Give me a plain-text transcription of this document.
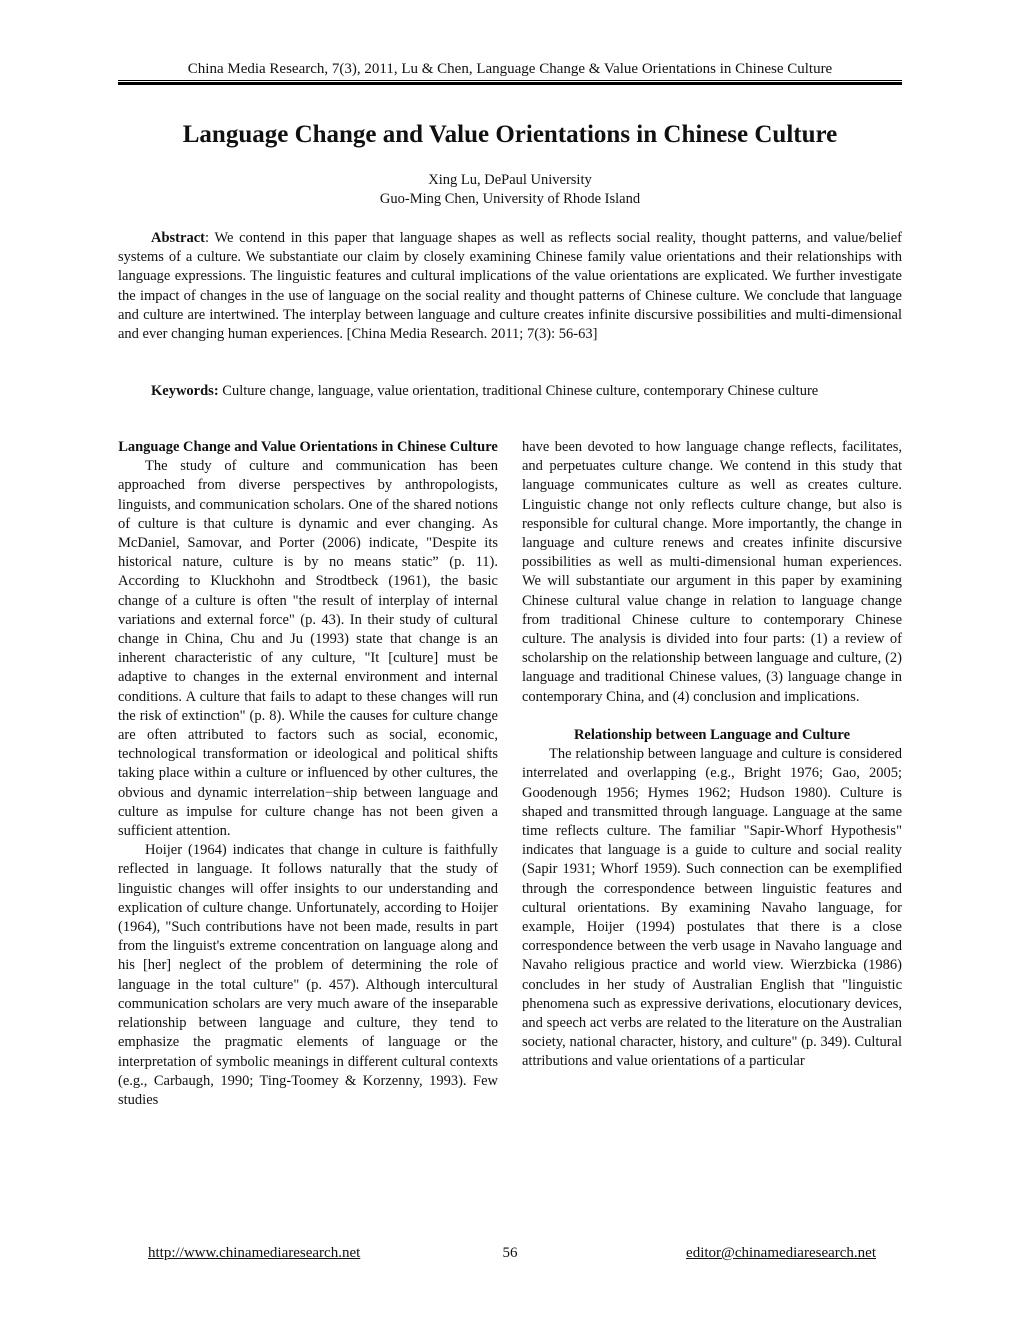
China Media Research, 7(3), 2011, Lu & Chen, Language Change & Value Orientations in Chinese Culture
Language Change and Value Orientations in Chinese Culture
Xing Lu, DePaul University
Guo-Ming Chen, University of Rhode Island

Abstract: We contend in this paper that language shapes as well as reflects social reality, thought patterns, and value/belief systems of a culture. We substantiate our claim by closely examining Chinese family value orientations and their relationships with language expressions. The linguistic features and cultural implications of the value orientations are explicated. We further investigate the impact of changes in the use of language on the social reality and thought patterns of Chinese culture. We conclude that language and culture are intertwined. The interplay between language and culture creates infinite discursive possibilities and multi-dimensional and ever changing human experiences. [China Media Research. 2011; 7(3): 56-63]

Keywords: Culture change, language, value orientation, traditional Chinese culture, contemporary Chinese culture

Language Change and Value Orientations in Chinese Culture

The study of culture and communication has been approached from diverse perspectives by anthropologists, linguists, and communication scholars. One of the shared notions of culture is that culture is dynamic and ever changing. As McDaniel, Samovar, and Porter (2006) indicate, "Despite its historical nature, culture is by no means static” (p. 11). According to Kluckhohn and Strodtbeck (1961), the basic change of a culture is often "the result of interplay of internal variations and external force" (p. 43). In their study of cultural change in China, Chu and Ju (1993) state that change is an inherent characteristic of any culture, "It [culture] must be adaptive to changes in the external environment and internal conditions. A culture that fails to adapt to these changes will run the risk of extinction" (p. 8). While the causes for culture change are often attributed to factors such as social, economic, technological transformation or ideological and political shifts taking place within a culture or influenced by other cultures, the obvious and dynamic interrelation−ship between language and culture as impulse for culture change has not been given a sufficient attention.

Hoijer (1964) indicates that change in culture is faithfully reflected in language. It follows naturally that the study of linguistic changes will offer insights to our understanding and explication of culture change. Unfortunately, according to Hoijer (1964), "Such contributions have not been made, results in part from the linguist's extreme concentration on language along and his [her] neglect of the problem of determining the role of language in the total culture" (p. 457). Although intercultural communication scholars are very much aware of the inseparable relationship between language and culture, they tend to emphasize the pragmatic elements of language or the interpretation of symbolic meanings in different cultural contexts (e.g., Carbaugh, 1990; Ting-Toomey & Korzenny, 1993). Few studies

have been devoted to how language change reflects, facilitates, and perpetuates culture change. We contend in this study that language communicates culture as well as creates culture. Linguistic change not only reflects culture change, but also is responsible for cultural change. More importantly, the change in language and culture renews and creates infinite discursive possibilities as well as multi-dimensional human experiences. We will substantiate our argument in this paper by examining Chinese cultural value change in relation to language change from traditional Chinese culture to contemporary Chinese culture. The analysis is divided into four parts: (1) a review of scholarship on the relationship between language and culture, (2) language and traditional Chinese values, (3) language change in contemporary China, and (4) conclusion and implications.

Relationship between Language and Culture

The relationship between language and culture is considered interrelated and overlapping (e.g., Bright 1976; Gao, 2005; Goodenough 1956; Hymes 1962; Hudson 1980). Culture is shaped and transmitted through language. Language at the same time reflects culture. The familiar "Sapir-Whorf Hypothesis" indicates that language is a guide to culture and social reality (Sapir 1931; Whorf 1959). Such connection can be exemplified through the correspondence between linguistic features and cultural orientations. By examining Navaho language, for example, Hoijer (1994) postulates that there is a close correspondence between the verb usage in Navaho language and Navaho religious practice and world view. Wierzbicka (1986) concludes in her study of Australian English that "linguistic phenomena such as expressive derivations, elocutionary devices, and speech act verbs are related to the literature on the Australian society, national character, history, and culture" (p. 349). Cultural attributions and value orientations of a particular

http://www.chinamediaresearch.net	56	editor@chinamediaresearch.net
